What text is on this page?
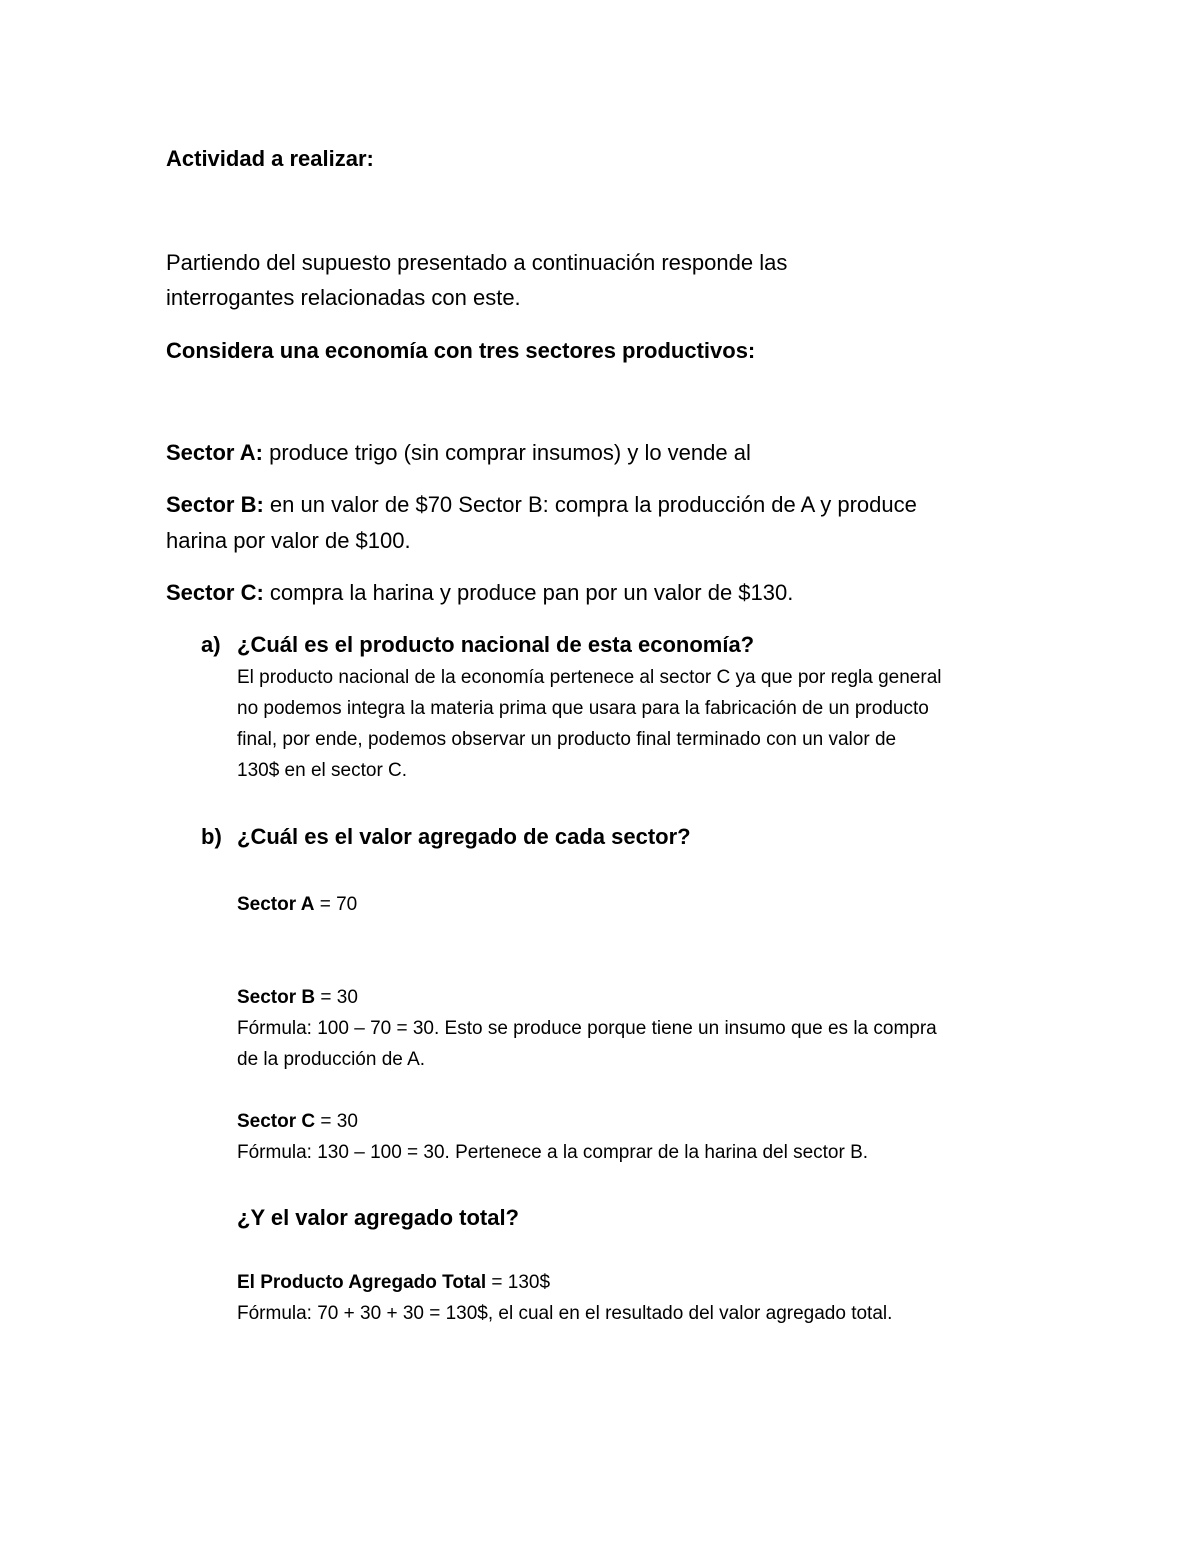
Actividad a realizar:

Partiendo del supuesto presentado a continuación responde las

interrogantes relacionadas con este.

Considera una economía con tres sectores productivos:

Sector A: produce trigo (sin comprar insumos) y lo vende al

Sector B: en un valor de $70 Sector B: compra la producción de A y produce

harina por valor de $100.

Sector C: compra la harina y produce pan por un valor de $130.

a) ¿Cuál es el producto nacional de esta economía?

El producto nacional de la economía pertenece al sector C ya que por regla general

no podemos integra la materia prima que usara para la fabricación de un producto

final, por ende, podemos observar un producto final terminado con un valor de

130$ en el sector C.

b) ¿Cuál es el valor agregado de cada sector?

Sector A = 70

Sector B = 30

Fórmula: 100 – 70 = 30. Esto se produce porque tiene un insumo que es la compra

de la producción de A.

Sector C = 30

Fórmula: 130 – 100 = 30. Pertenece a la comprar de la harina del sector B.

¿Y el valor agregado total?

El Producto Agregado Total = 130$

Fórmula: 70 + 30 + 30 = 130$, el cual en el resultado del valor agregado total.
